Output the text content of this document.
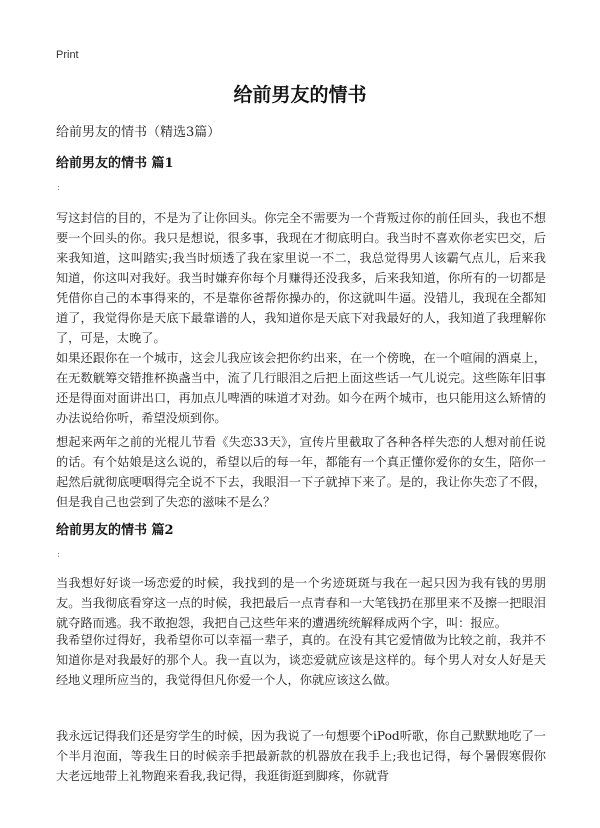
Print
给前男友的情书
给前男友的情书（精选3篇）
给前男友的情书 篇1
:
写这封信的目的，不是为了让你回头。你完全不需要为一个背叛过你的前任回头，我也不想要一个回头的你。我只是想说，很多事，我现在才彻底明白。我当时不喜欢你老实巴交，后来我知道，这叫踏实;我当时烦透了我在家里说一不二，我总觉得男人该霸气点儿，后来我知道，你这叫对我好。我当时嫌弃你每个月赚得还没我多，后来我知道，你所有的一切都是凭借你自己的本事得来的，不是靠你爸帮你操办的，你这就叫牛逼。没错儿，我现在全都知道了，我觉得你是天底下最靠谱的人，我知道你是天底下对我最好的人，我知道了我理解你了，可是，太晚了。
如果还跟你在一个城市，这会儿我应该会把你约出来，在一个傍晚，在一个喧闹的酒桌上，在无数觥筹交错推杯换盏当中，流了几行眼泪之后把上面这些话一气儿说完。这些陈年旧事还是得面对面讲出口，再加点儿啤酒的味道才对劲。如今在两个城市，也只能用这么矫情的办法说给你听，希望没烦到你。
想起来两年之前的光棍儿节看《失恋33天》，宣传片里截取了各种各样失恋的人想对前任说的话。有个姑娘是这么说的，希望以后的每一年，都能有一个真正懂你爱你的女生，陪你一起然后就彻底哽咽得完全说不下去，我眼泪一下子就掉下来了。是的，我让你失恋了不假，但是我自己也尝到了失恋的滋味不是么？
给前男友的情书 篇2
:
当我想好好谈一场恋爱的时候，我找到的是一个劣迹斑斑与我在一起只因为我有钱的男朋友。当我彻底看穿这一点的时候，我把最后一点青春和一大笔钱扔在那里来不及擦一把眼泪就夺路而逃。我不敢抱怨，我把自己这些年来的遭遇统统解释成两个字，叫：报应。
我希望你过得好，我希望你可以幸福一辈子，真的。在没有其它爱情做为比较之前，我并不知道你是对我最好的那个人。我一直以为，谈恋爱就应该是这样的。每个男人对女人好是天经地义理所应当的，我觉得但凡你爱一个人，你就应该这么做。
我永远记得我们还是穷学生的时候，因为我说了一句想要个iPod听歌，你自己默默地吃了一个半月泡面，等我生日的时候亲手把最新款的机器放在我手上;我也记得，每个暑假寒假你大老远地带上礼物跑来看我,我记得，我逛街逛到脚疼，你就背
